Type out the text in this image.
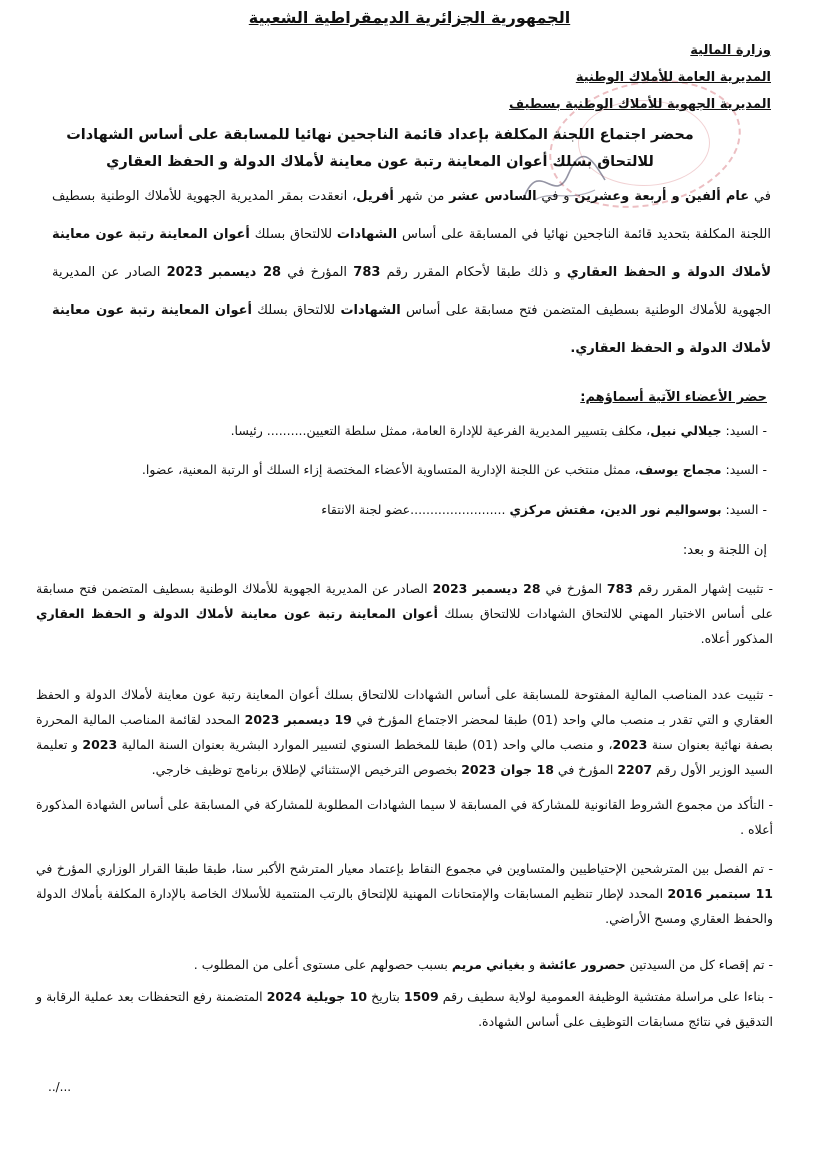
الجمهورية الجزائرية الديمقراطية الشعبية
وزارة المالية
المديرية العامة للأملاك الوطنية
المديرية الجهوية للأملاك الوطنية بسطيف
محضر اجتماع اللجنة المكلفة بإعداد قائمة الناجحين نهائيا للمسابقة على أساس الشهادات
للالتحاق بسلك أعوان المعاينة رتبة عون معاينة لأملاك الدولة و الحفظ العقاري
في عام ألفين و أربعة وعشرين و في السادس عشر من شهر أفريل، انعقدت بمقر المديرية الجهوية للأملاك الوطنية بسطيف اللجنة المكلفة بتحديد قائمة الناجحين نهائيا في المسابقة على أساس الشهادات للالتحاق بسلك أعوان المعاينة رتبة عون معاينة لأملاك الدولة و الحفظ العقاري و ذلك طبقا لأحكام المقرر رقم 783 المؤرخ في 28 ديسمبر 2023 الصادر عن المديرية الجهوية للأملاك الوطنية بسطيف المتضمن فتح مسابقة على أساس الشهادات للالتحاق بسلك أعوان المعاينة رتبة عون معاينة لأملاك الدولة و الحفظ العقاري.
حضر الأعضاء الآتية أسماؤهم:
- السيد: جيلالي نبيل، مكلف بتسيير المديرية الفرعية للإدارة العامة، ممثل سلطة التعيين.......... رئيسا.
- السيد: مجماج يوسف، ممثل منتخب عن اللجنة الإدارية المتساوية الأعضاء المختصة إزاء السلك أو الرتبة المعنية، عضوا.
- السيد: بوسواليم نور الدين، مفتش مركزي ........................عضو لجنة الانتقاء
إن اللجنة و بعد:
- تثبيت إشهار المقرر رقم 783 المؤرخ في 28 ديسمبر 2023 الصادر عن المديرية الجهوية للأملاك الوطنية بسطيف المتضمن فتح مسابقة على أساس الاختبار المهني للالتحاق الشهادات للالتحاق بسلك أعوان المعاينة رتبة عون معاينة لأملاك الدولة و الحفظ العقاري المذكور أعلاه.
- تثبيت عدد المناصب المالية المفتوحة للمسابقة على أساس الشهادات للالتحاق بسلك أعوان المعاينة رتبة عون معاينة لأملاك الدولة و الحفظ العقاري و التي تقدر بـ منصب مالي واحد (01) طبقا لمحضر الاجتماع المؤرخ في 19 ديسمبر 2023 المحدد لقائمة المناصب المالية المحررة بصفة نهائية بعنوان سنة 2023، و منصب مالي واحد (01) طبقا للمخطط السنوي لتسيير الموارد البشرية بعنوان السنة المالية 2023 و تعليمة السيد الوزير الأول رقم 2207 المؤرخ في 18 جوان 2023 بخصوص الترخيص الإستثنائي لإطلاق برنامج توظيف خارجي.
- التأكد من مجموع الشروط القانونية للمشاركة في المسابقة لا سيما الشهادات المطلوبة للمشاركة في المسابقة على أساس الشهادة المذكورة أعلاه .
- تم الفصل بين المترشحين الإحتياطيين والمتساوين في مجموع النقاط بإعتماد معيار المترشح الأكبر سنا، طبقا طبقا القرار الوزاري المؤرخ في 11 سبتمبر 2016 المحدد لإطار تنظيم المسابقات والإمتحانات المهنية للإلتحاق بالرتب المنتمية للأسلاك الخاصة بالإدارة المكلفة بأملاك الدولة والحفظ العقاري ومسح الأراضي.
- تم إقصاء كل من السيدتين حصرور عائشة و بغياني مريم بسبب حصولهم على مستوى أعلى من المطلوب .
- بناءا على مراسلة مفتشية الوظيفة العمومية لولاية سطيف رقم 1509 بتاريخ 10 جويلية 2024 المتضمنة رفع التحفظات بعد عملية الرقابة و التدقيق في نتائج مسابقات التوظيف على أساس الشهادة.
../...
